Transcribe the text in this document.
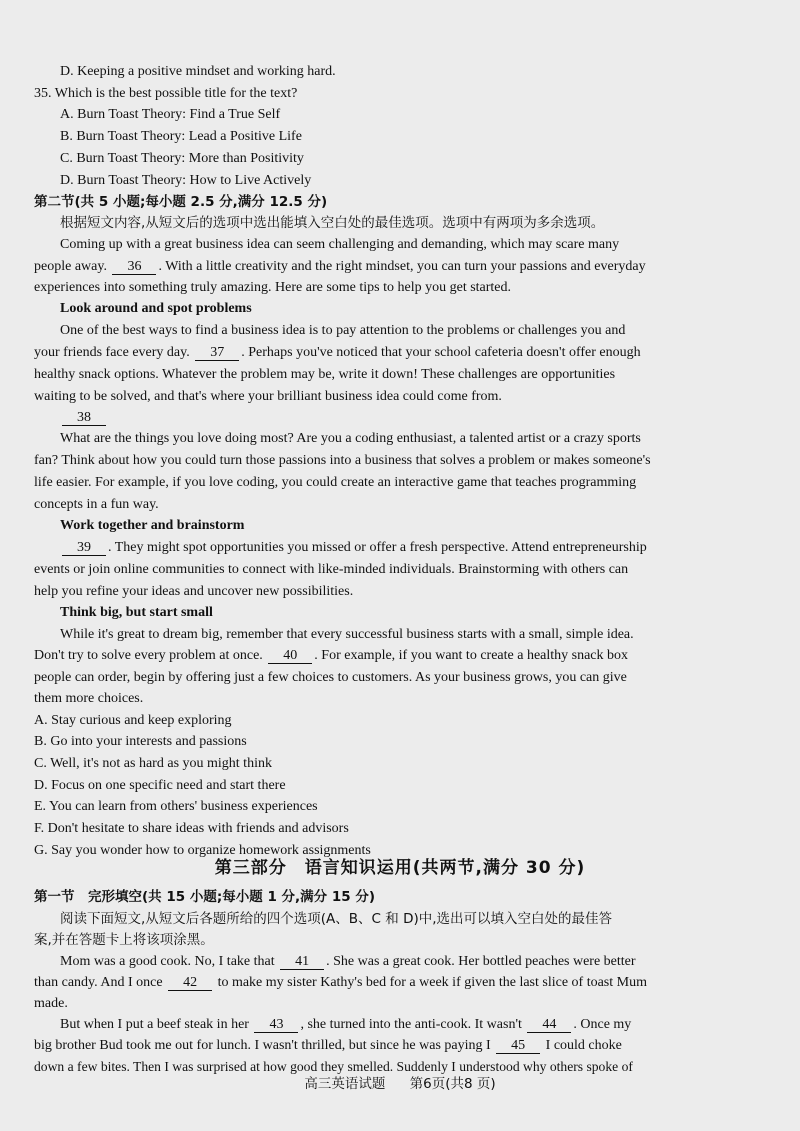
D. Keeping a positive mindset and working hard.
35. Which is the best possible title for the text?
A. Burn Toast Theory: Find a True Self
B. Burn Toast Theory: Lead a Positive Life
C. Burn Toast Theory: More than Positivity
D. Burn Toast Theory: How to Live Actively
第二节(共 5 小题;每小题 2.5 分,满分 12.5 分)
根据短文内容,从短文后的选项中选出能填入空白处的最佳选项。选项中有两项为多余选项。
Coming up with a great business idea can seem challenging and demanding, which may scare many
people away. 36 . With a little creativity and the right mindset, you can turn your passions and everyday
experiences into something truly amazing. Here are some tips to help you get started.
Look around and spot problems
One of the best ways to find a business idea is to pay attention to the problems or challenges you and
your friends face every day. 37 . Perhaps you've noticed that your school cafeteria doesn't offer enough
healthy snack options. Whatever the problem may be, write it down! These challenges are opportunities
waiting to be solved, and that's where your brilliant business idea could come from.
38
What are the things you love doing most? Are you a coding enthusiast, a talented artist or a crazy sports
fan? Think about how you could turn those passions into a business that solves a problem or makes someone's
life easier. For example, if you love coding, you could create an interactive game that teaches programming
concepts in a fun way.
Work together and brainstorm
39 . They might spot opportunities you missed or offer a fresh perspective. Attend entrepreneurship
events or join online communities to connect with like-minded individuals. Brainstorming with others can
help you refine your ideas and uncover new possibilities.
Think big, but start small
While it's great to dream big, remember that every successful business starts with a small, simple idea.
Don't try to solve every problem at once. 40 . For example, if you want to create a healthy snack box
people can order, begin by offering just a few choices to customers. As your business grows, you can give
them more choices.
A. Stay curious and keep exploring
B. Go into your interests and passions
C. Well, it's not as hard as you might think
D. Focus on one specific need and start there
E. You can learn from others' business experiences
F. Don't hesitate to share ideas with friends and advisors
G. Say you wonder how to organize homework assignments
第三部分　语言知识运用(共两节,满分 30 分)
第一节　完形填空(共 15 小题;每小题 1 分,满分 15 分)
阅读下面短文,从短文后各题所给的四个选项(A、B、C 和 D)中,选出可以填入空白处的最佳答
案,并在答题卡上将该项涂黑。
Mom was a good cook. No, I take that 41 . She was a great cook. Her bottled peaches were better
than candy. And I once 42 to make my sister Kathy's bed for a week if given the last slice of toast Mum
made.
But when I put a beef steak in her 43 , she turned into the anti-cook. It wasn't 44 . Once my
big brother Bud took me out for lunch. I wasn't thrilled, but since he was paying I 45 I could choke
down a few bites. Then I was surprised at how good they smelled. Suddenly I understood why others spoke of
高三英语试题 第6页(共8 页)
